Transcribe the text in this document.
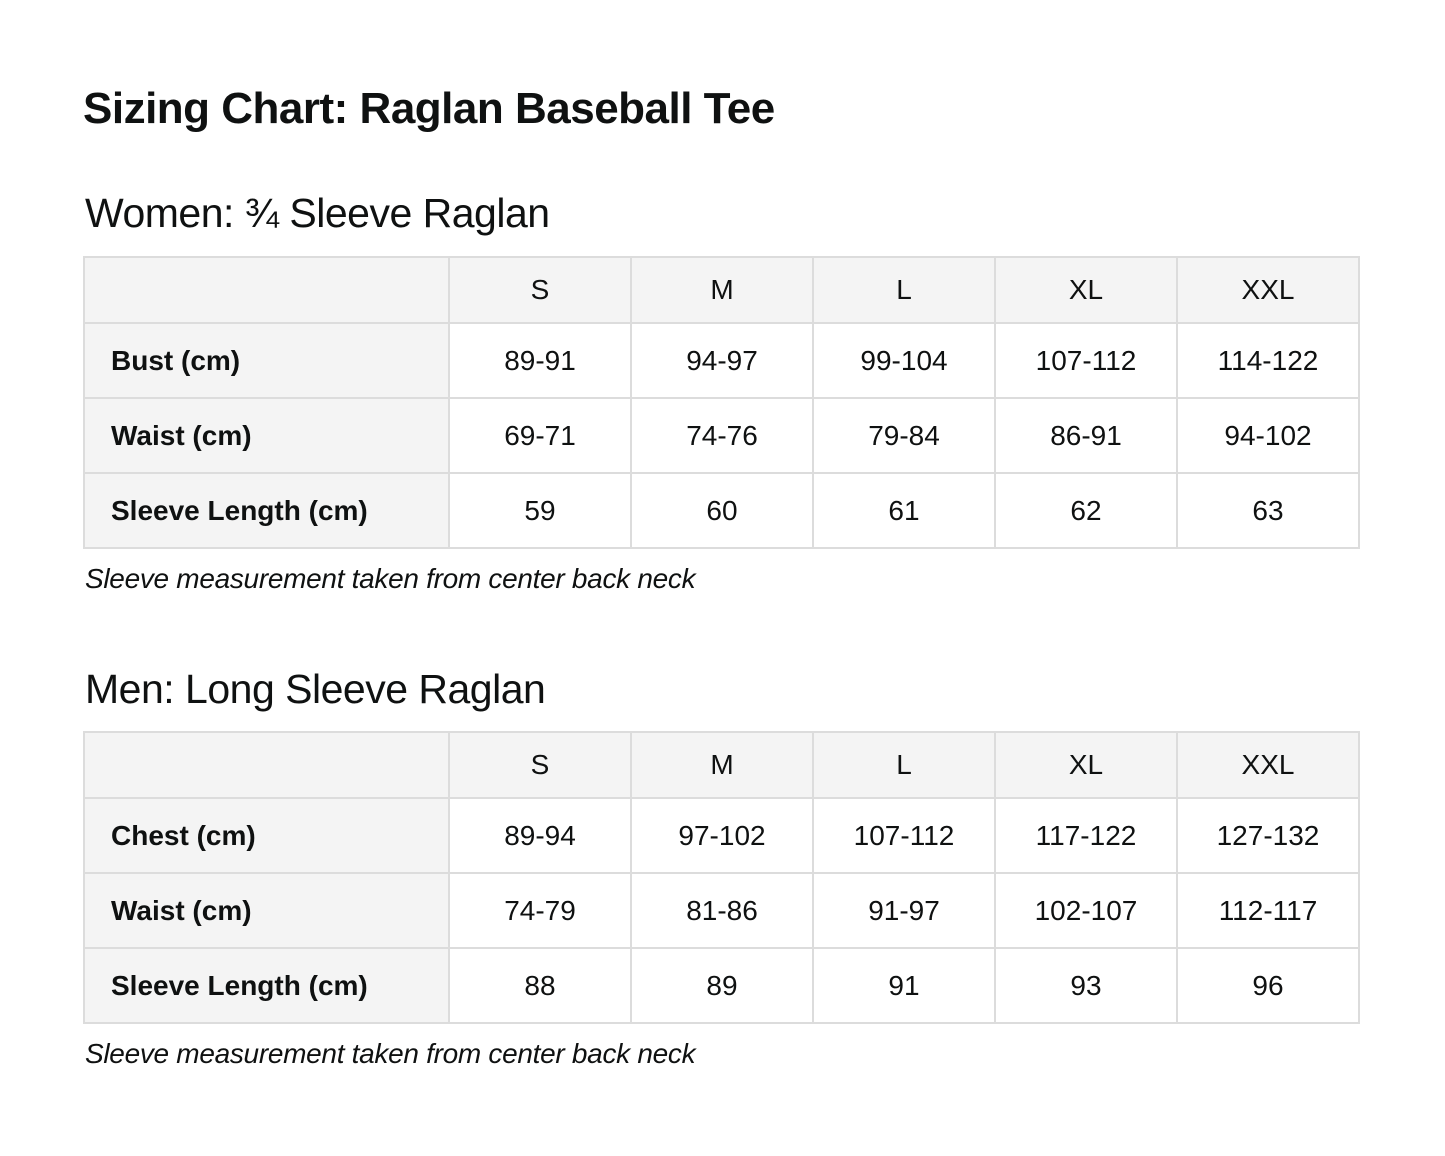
Sizing Chart: Raglan Baseball Tee
Women: ¾ Sleeve Raglan
	S	M	L	XL	XXL
Bust (cm)	89-91	94-97	99-104	107-112	114-122
Waist (cm)	69-71	74-76	79-84	86-91	94-102
Sleeve Length (cm)	59	60	61	62	63
Sleeve measurement taken from center back neck
Men: Long Sleeve Raglan
	S	M	L	XL	XXL
Chest (cm)	89-94	97-102	107-112	117-122	127-132
Waist (cm)	74-79	81-86	91-97	102-107	112-117
Sleeve Length (cm)	88	89	91	93	96
Sleeve measurement taken from center back neck
